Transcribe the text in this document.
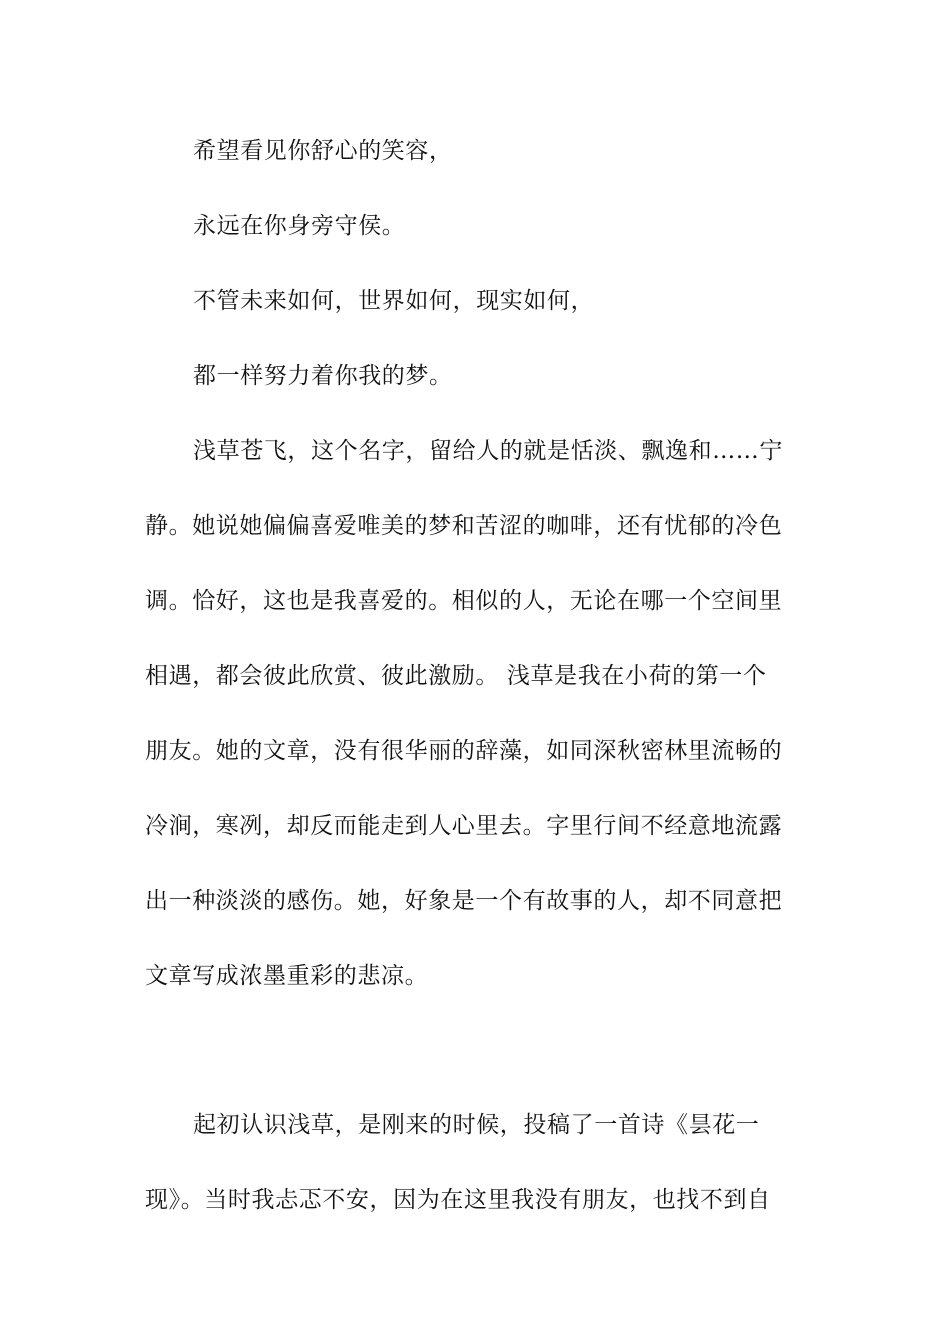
希望看见你舒心的笑容，
永远在你身旁守侯。
不管未来如何，世界如何，现实如何，
都一样努力着你我的梦。
浅草苍飞，这个名字，留给人的就是恬淡、飘逸和……宁
静。她说她偏偏喜爱唯美的梦和苦涩的咖啡，还有忧郁的冷色
调。恰好，这也是我喜爱的。相似的人，无论在哪一个空间里
相遇，都会彼此欣赏、彼此激励。 浅草是我在小荷的第一个
朋友。她的文章，没有很华丽的辞藻，如同深秋密林里流畅的
冷涧，寒冽，却反而能走到人心里去。字里行间不经意地流露
出一种淡淡的感伤。她，好象是一个有故事的人，却不同意把
文章写成浓墨重彩的悲凉。
起初认识浅草，是刚来的时候，投稿了一首诗《昙花一
现》。当时我忐忑不安，因为在这里我没有朋友，也找不到自
